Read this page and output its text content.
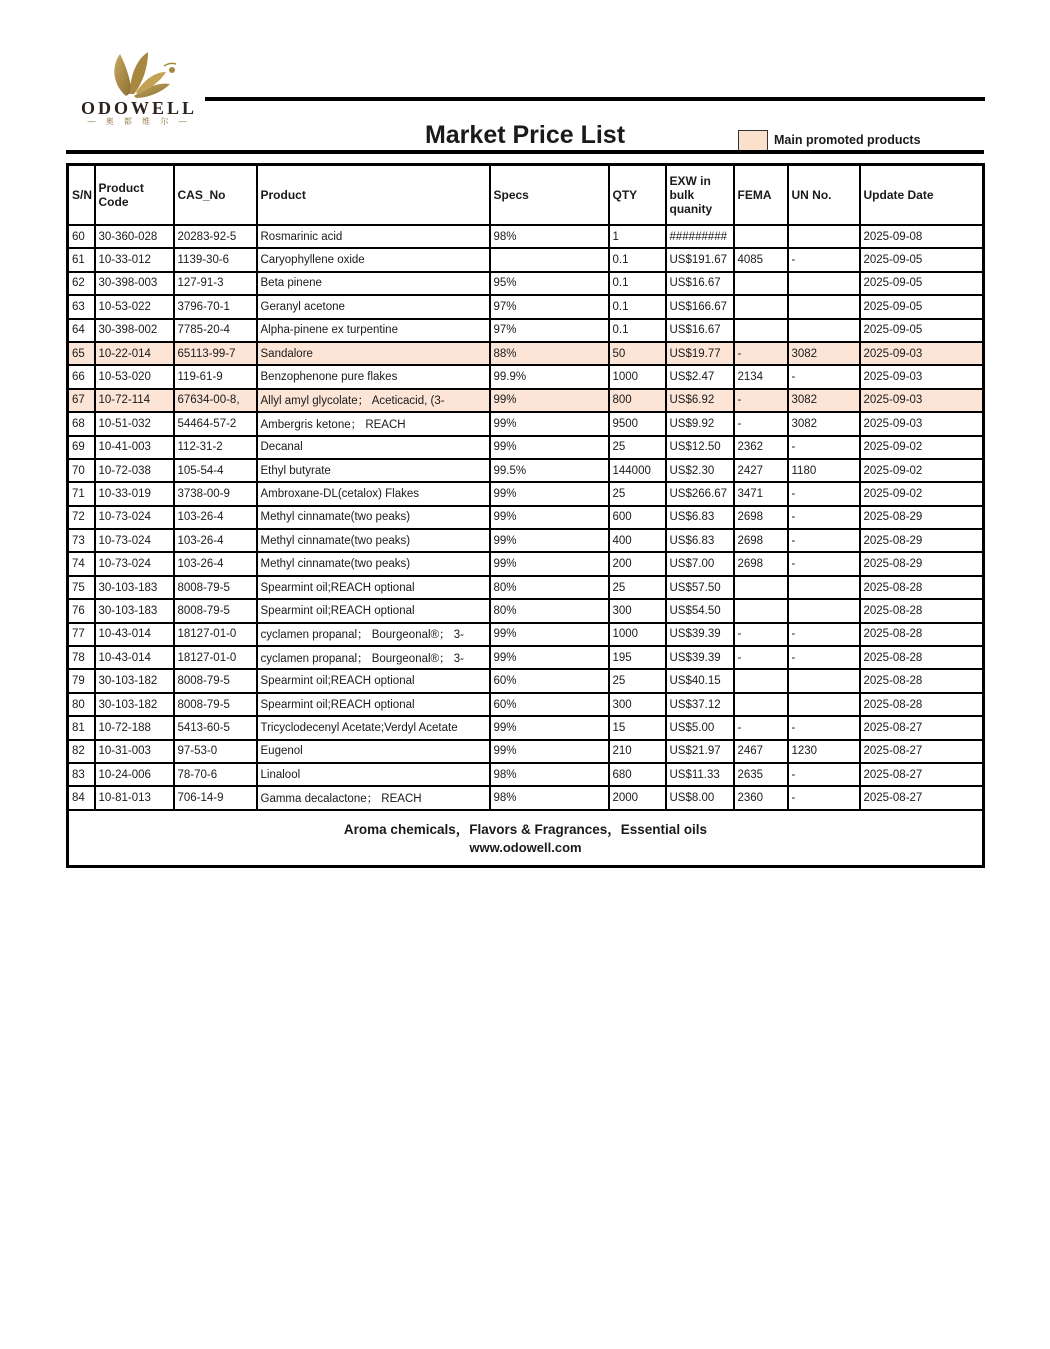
ODOWELL
— 奥 都 维 尔 —	Market Price List	Main promoted products
S/N	Product Code	CAS_No	Product	Specs	QTY	EXW in bulk quanity	FEMA	UN No.	Update Date
60	30-360-028	20283-92-5	Rosmarinic acid	98%	1	#########			2025-09-08
61	10-33-012	1139-30-6	Caryophyllene oxide		0.1	US$191.67	4085	-	2025-09-05
62	30-398-003	127-91-3	Beta pinene	95%	0.1	US$16.67			2025-09-05
63	10-53-022	3796-70-1	Geranyl acetone	97%	0.1	US$166.67			2025-09-05
64	30-398-002	7785-20-4	Alpha-pinene ex turpentine	97%	0.1	US$16.67			2025-09-05
65	10-22-014	65113-99-7	Sandalore	88%	50	US$19.77	-	3082	2025-09-03
66	10-53-020	119-61-9	Benzophenone pure flakes	99.9%	1000	US$2.47	2134	-	2025-09-03
67	10-72-114	67634-00-8,	Allyl amyl glycolate； Aceticacid, (3-	99%	800	US$6.92	-	3082	2025-09-03
68	10-51-032	54464-57-2	Ambergris ketone； REACH	99%	9500	US$9.92	-	3082	2025-09-03
69	10-41-003	112-31-2	Decanal	99%	25	US$12.50	2362	-	2025-09-02
70	10-72-038	105-54-4	Ethyl butyrate	99.5%	144000	US$2.30	2427	1180	2025-09-02
71	10-33-019	3738-00-9	Ambroxane-DL(cetalox) Flakes	99%	25	US$266.67	3471	-	2025-09-02
72	10-73-024	103-26-4	Methyl cinnamate(two peaks)	99%	600	US$6.83	2698	-	2025-08-29
73	10-73-024	103-26-4	Methyl cinnamate(two peaks)	99%	400	US$6.83	2698	-	2025-08-29
74	10-73-024	103-26-4	Methyl cinnamate(two peaks)	99%	200	US$7.00	2698	-	2025-08-29
75	30-103-183	8008-79-5	Spearmint oil;REACH optional	80%	25	US$57.50			2025-08-28
76	30-103-183	8008-79-5	Spearmint oil;REACH optional	80%	300	US$54.50			2025-08-28
77	10-43-014	18127-01-0	cyclamen propanal； Bourgeonal®； 3-	99%	1000	US$39.39	-	-	2025-08-28
78	10-43-014	18127-01-0	cyclamen propanal； Bourgeonal®； 3-	99%	195	US$39.39	-	-	2025-08-28
79	30-103-182	8008-79-5	Spearmint oil;REACH optional	60%	25	US$40.15			2025-08-28
80	30-103-182	8008-79-5	Spearmint oil;REACH optional	60%	300	US$37.12			2025-08-28
81	10-72-188	5413-60-5	Tricyclodecenyl Acetate;Verdyl Acetate	99%	15	US$5.00	-	-	2025-08-27
82	10-31-003	97-53-0	Eugenol	99%	210	US$21.97	2467	1230	2025-08-27
83	10-24-006	78-70-6	Linalool	98%	680	US$11.33	2635	-	2025-08-27
84	10-81-013	706-14-9	Gamma decalactone； REACH	98%	2000	US$8.00	2360	-	2025-08-27

Aroma chemicals，Flavors & Fragrances，Essential oils
www.odowell.com									
